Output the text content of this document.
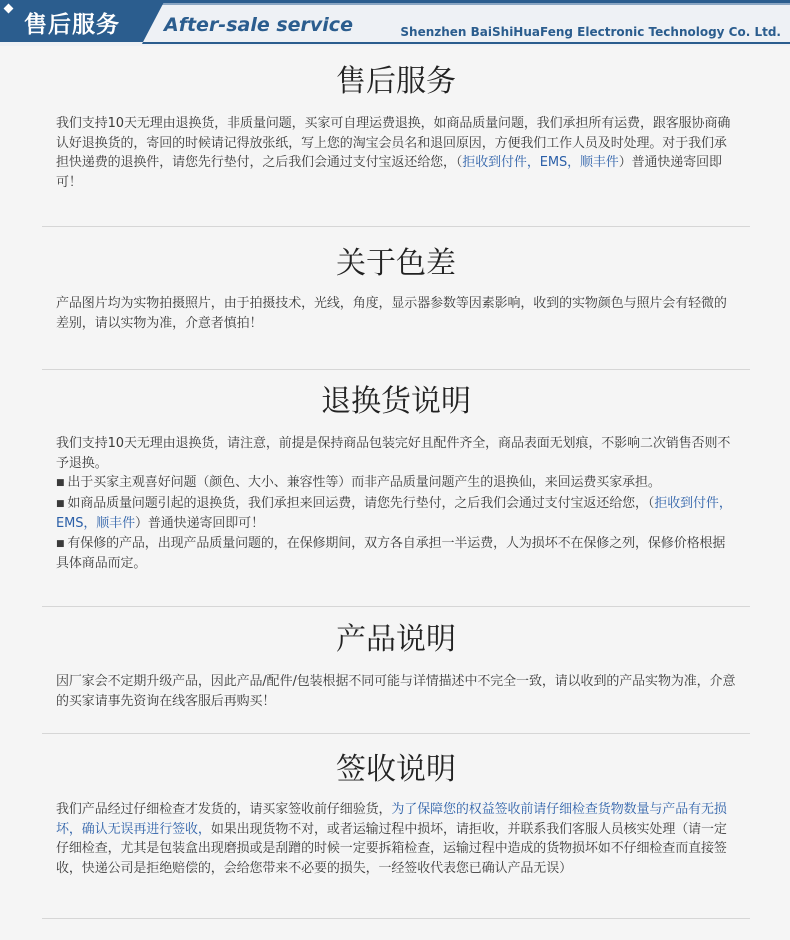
售后服务 After-sale service	Shenzhen BaiShiHuaFeng Electronic Technology Co. Ltd.
售后服务

我们支持10天无理由退换货，非质量问题，买家可自理运费退换，如商品质量问题，我们承担所有运费，跟客服协商确认好退换货的，寄回的时候请记得放张纸，写上您的淘宝会员名和退回原因，方便我们工作人员及时处理。对于我们承担快递费的退换件，请您先行垫付，之后我们会通过支付宝返还给您，（拒收到付件，EMS，顺丰件）普通快递寄回即可！

关于色差

产品图片均为实物拍摄照片，由于拍摄技术，光线，角度，显示器参数等因素影响，收到的实物颜色与照片会有轻微的差别，请以实物为准，介意者慎拍！

退换货说明

我们支持10天无理由退换货，请注意，前提是保持商品包装完好且配件齐全，商品表面无划痕，不影响二次销售否则不予退换。

■ 出于买家主观喜好问题（颜色、大小、兼容性等）而非产品质量问题产生的退换仙，来回运费买家承担。

■ 如商品质量问题引起的退换货，我们承担来回运费，请您先行垫付，之后我们会通过支付宝返还给您，（拒收到付件，EMS，顺丰件）普通快递寄回即可！

■ 有保修的产品，出现产品质量问题的，在保修期间，双方各自承担一半运费，人为损坏不在保修之列，保修价格根据具体商品而定。

产品说明

因厂家会不定期升级产品，因此产品/配件/包装根据不同可能与详情描述中不完全一致，请以收到的产品实物为准，介意的买家请事先资询在线客服后再购买！

签收说明

我们产品经过仔细检查才发货的，请买家签收前仔细验货，为了保障您的权益签收前请仔细检查货物数量与产品有无损坏，确认无误再进行签收，如果出现货物不对，或者运输过程中损坏，请拒收，并联系我们客服人员核实处理（请一定仔细检查，尤其是包装盒出现磨损或是刮蹭的时候一定要拆箱检查，运输过程中造成的货物损坏如不仔细检查而直接签收，快递公司是拒绝赔偿的，会给您带来不必要的损失，一经签收代表您已确认产品无误）
